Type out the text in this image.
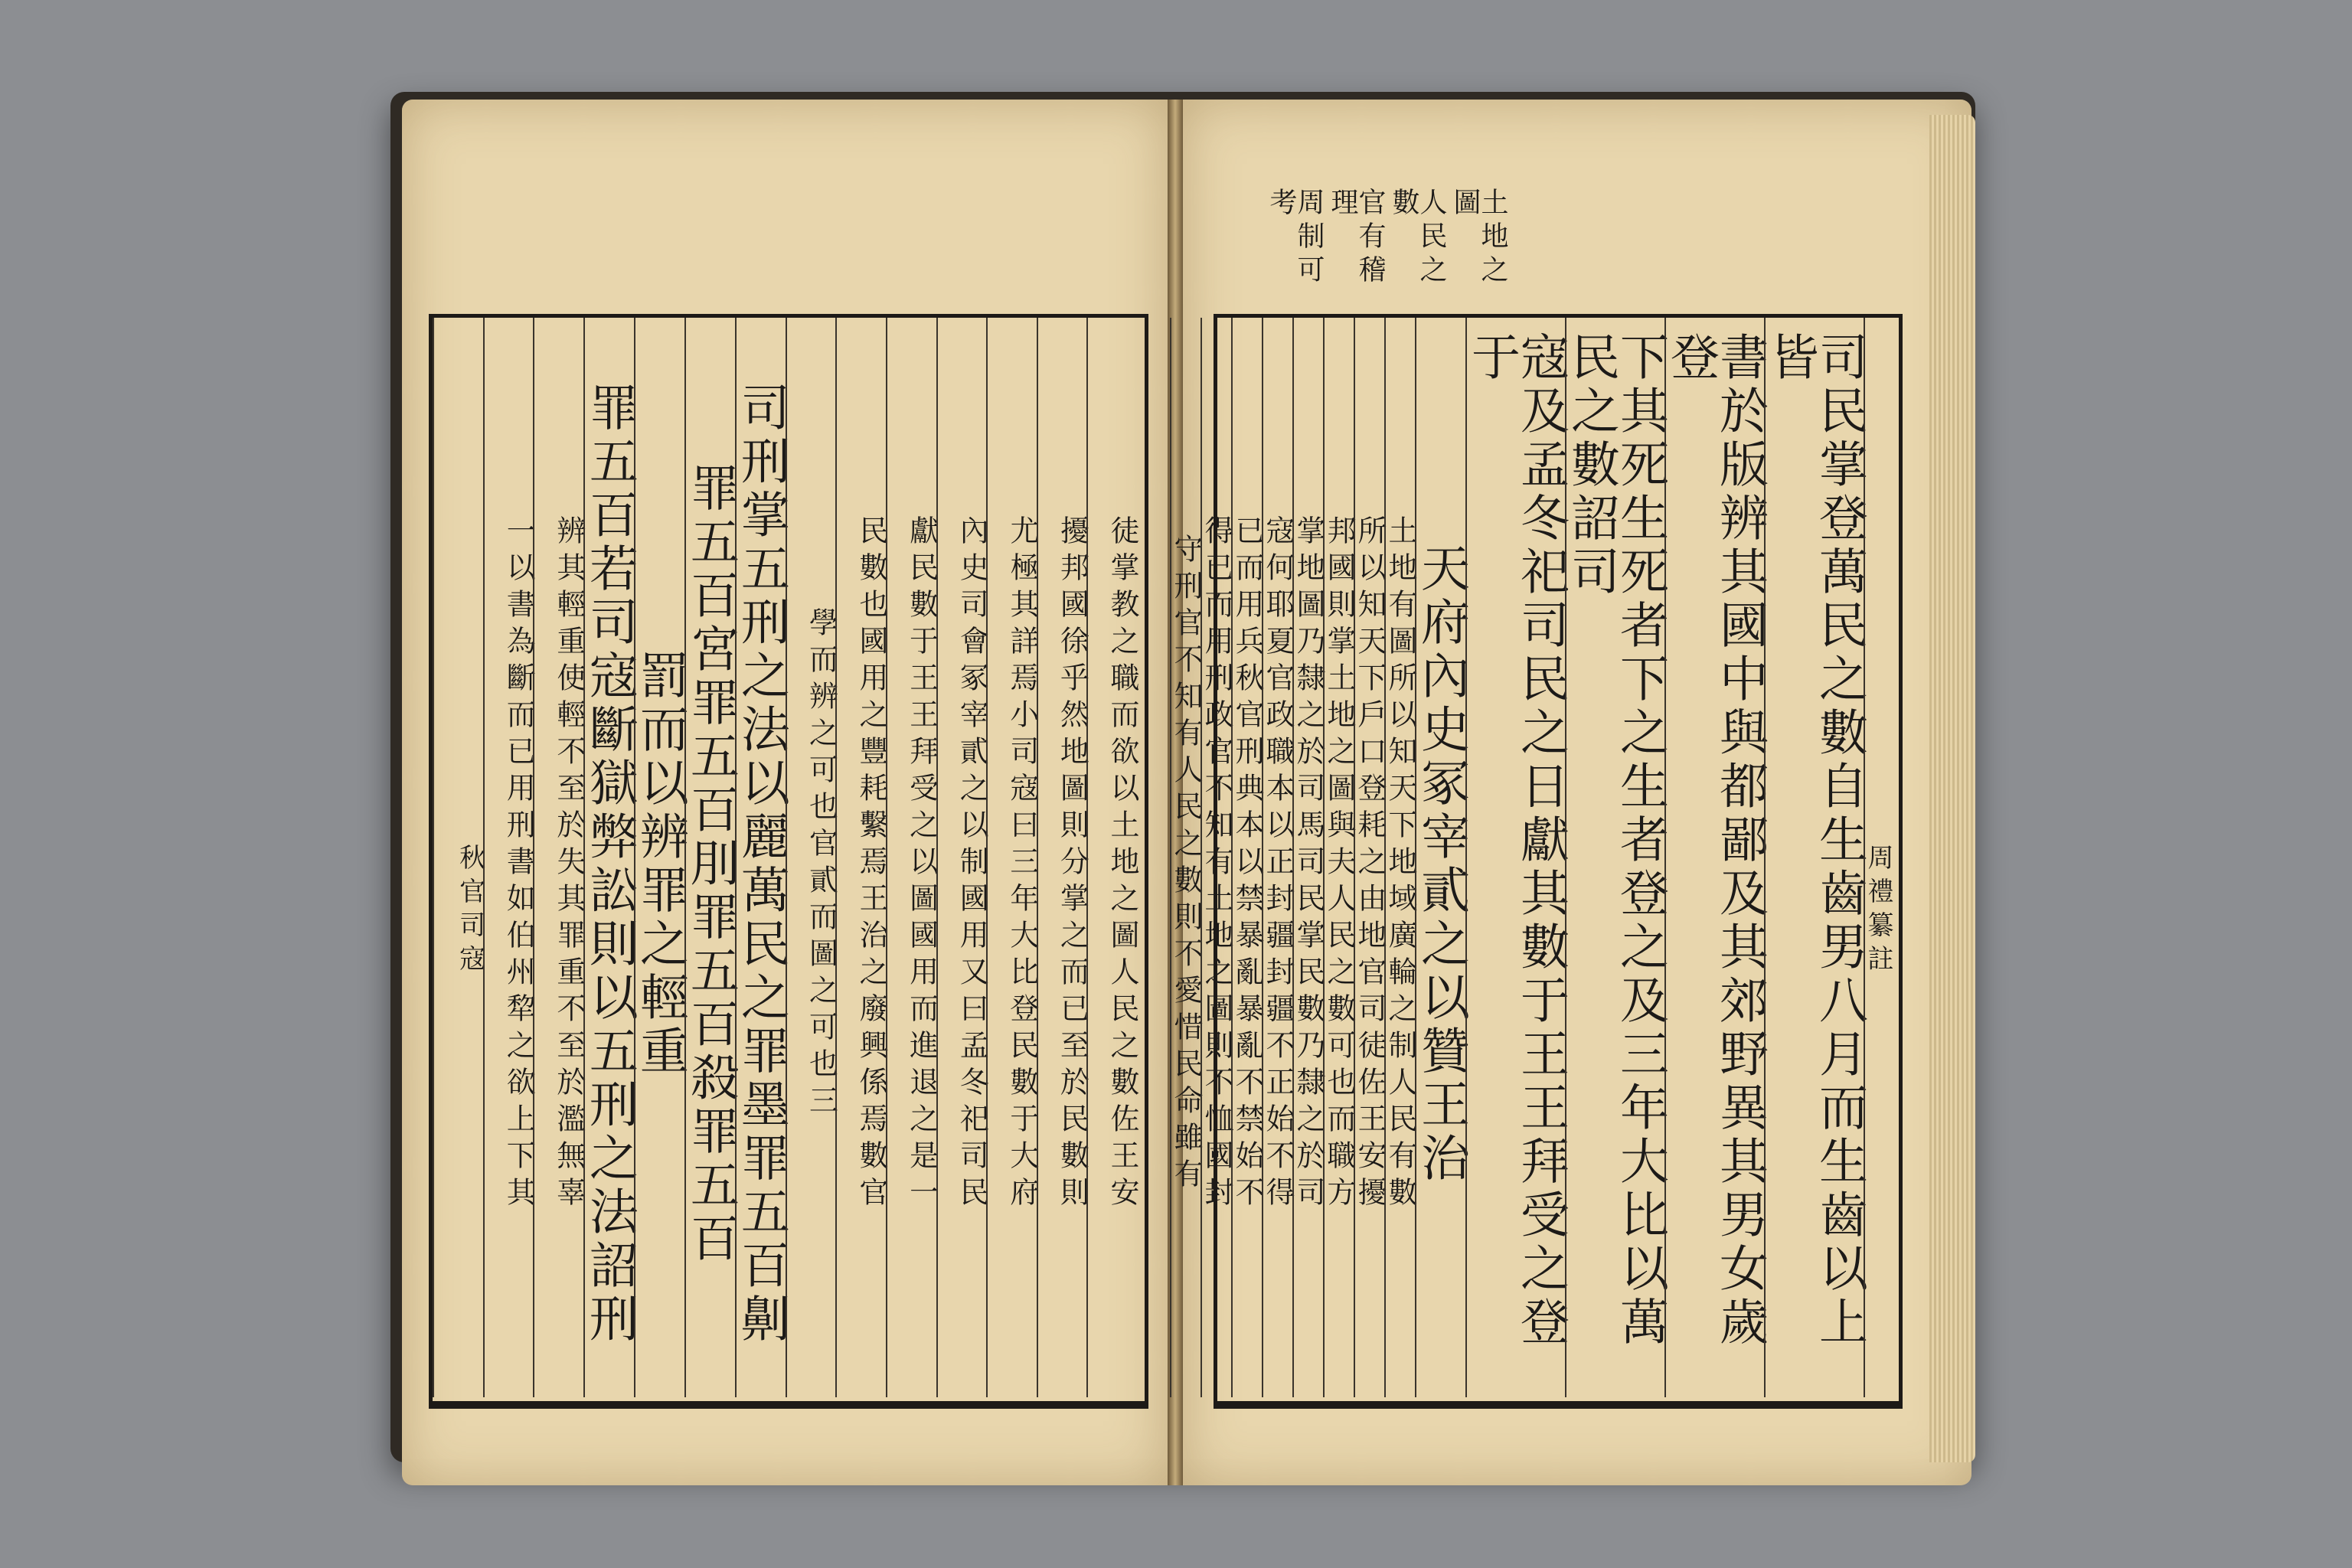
土地之圖
人民之數
官有稽理
周制可考
周禮纂註
司民掌登萬民之數自生齒男八月而生齒以上皆
書於版辨其國中與都鄙及其郊野異其男女歲登
下其死生死者下之生者登之及三年大比以萬民之數詔司
寇及孟冬祀司民之日獻其數于王王拜受之登于
天府內史冢宰貳之以贊王治
土地有圖所以知天下地域廣輪之制人民有數
所以知天下戶口登耗之由地官司徒佐王安擾
邦國則掌土地之圖與夫人民之數可也而職方
掌地圖乃隸之於司馬司民掌民數乃隸之於司
寇何耶夏官政職本以正封疆封疆不正始不得
已而用兵秋官刑典本以禁暴亂暴亂不禁始不
得已而用刑政官不知有土地之圖則不恤國封
守刑官不知有人民之數則不愛惜民命雖有
徒掌教之職而欲以土地之圖人民之數佐王安
擾邦國徐乎然地圖則分掌之而已至於民數則
尤極其詳焉小司寇曰三年大比登民數于大府
內史司會冢宰貳之以制國用又曰孟冬祀司民
獻民數于王王拜受之以圖國用而進退之是一
民數也國用之豐耗繫焉王治之廢興係焉數官
學而辨之可也官貳而圖之可也三
司刑掌五刑之法以麗萬民之罪墨罪五百劓
罪五百宮罪五百刖罪五百殺罪五百
罰而以辨罪之輕重
罪五百若司寇斷獄弊訟則以五刑之法詔刑
辨其輕重使輕不至於失其罪重不至於濫無辜
一以書為斷而已用刑書如伯州犂之欲上下其
秋官司寇
